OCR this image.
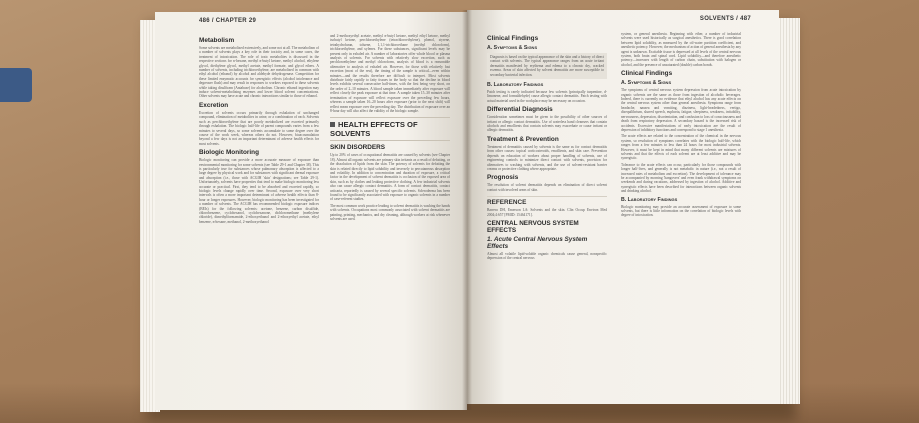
486 / CHAPTER 29
Metabolism
Some solvents are metabolized extensively, and some not at all. The metabolism of a number of solvents plays a key role in their toxicity and, in some cases, the treatment of intoxication. The role of toxic metabolites is discussed in the respective sections for n-hexane, methyl n-butyl ketone, methyl alcohol, ethylene glycol, diethylene glycol, methyl acetate, methyl formate, and glycol ethers. A number of solvents, including trichloroethylene, are metabolized in common with ethyl alcohol (ethanol) by alcohol and aldehyde dehydrogenase. Competition for these limited enzymatic accounts for synergistic effects (alcohol intolerance and degreaser flush) and may result in responses to workers exposed to these solvents while taking disulfiram (Antabuse) for alcoholism. Chronic ethanol ingestion may induce solvent-metabolizing enzymes and lower blood solvent concentrations. Other solvents may have acute and chronic interactions similar to those of ethanol.
Excretion
Excretion of solvents occurs primarily through exhalation of unchanged compound, elimination of metabolites in urine, or a combination of each. Solvents such as perchloroethylene that are poorly metabolized are excreted primarily through exhalation. The biologic half-life of parent compounds varies from a few minutes to several days, so some solvents accumulate to some degree over the course of the work week, whereas others do not. However, bioaccumulation beyond a few days is not an important determinant of adverse health effects for most solvents.
Biologic Monitoring
Biologic monitoring can provide a more accurate measure of exposure than environmental monitoring for some solvents (see Table 29-1 and Chapter 38). This is particularly true for substances whose pulmonary absorption is affected to a large degree by physical work and for substances with significant dermal exposure and absorption (i.e., those with ACGIH 'skin' designations; see Table 29-1). Unfortunately, solvents have properties that tend to make biologic monitoring less accurate or practical. First, they tend to be absorbed and excreted rapidly, so biologic levels change rapidly over time. Second, exposure over very short intervals is often a more important determinant of adverse health effects than 8-hour or longer exposures. However, biologic monitoring has been investigated for a number of solvents. The ACGIH has recommended biologic exposure indices (BEIs) for the following solvents: acetone, benzene, carbon disulfide, chlorobenzene, cyclohexanol, cyclohexanone, dichloromethane (methylene chloride), dimethylformamide, 2-ethoxyethanol and 2-ethoxyethyl acetate, ethyl benzene, n-hexane, methanol, 2-methoxyethanol
and 2-methoxyethyl acetate, methyl n-butyl ketone, methyl ethyl ketone, methyl isobutyl ketone, perchloroethylene (tetrachloroethylene), phenol, styrene, tetrahydrofuran, toluene, 1,1,1-trichloroethane (methyl chloroform), trichloroethylene, and xylenes. For these substances, significant levels may be present only in exhaled air. A number of laboratories offer whole blood or plasma analysis of solvents. For solvents with relatively slow excretion, such as perchloroethylene and methyl chloroform, analysis of blood is a reasonable alternative to analysis of exhaled air. However, for those with relatively fast excretion (most of the rest), the timing of the sample is critical—even within minutes—and the results therefore are difficult to interpret. Most solvents distribute fairly rapidly to fatty tissues in the body so that the decline in blood levels exhibits several consecutive half-times, with the first being very short, on the order of 2–10 minutes. A blood sample taken immediately after exposure will reflect closely the peak exposure at that time. A sample taken 15–30 minutes after termination of exposure will reflect exposure over the preceding few hours, whereas a sample taken 16–20 hours after exposure (prior to the next shift) will reflect mean exposure over the preceding day. The distribution of exposure over an 8-hour day will also affect the validity of the biologic sample.
HEALTH EFFECTS OF SOLVENTS
SKIN DISORDERS
Up to 20% of cases of occupational dermatitis are caused by solvents (see Chapter 18). Almost all organic solvents are primary skin irritants as a result of defatting, or the dissolution of lipids from the skin. The potency of solvents for defatting the skin is related directly to lipid solubility and inversely to percutaneous absorption and volatility. In addition to concentration and duration of exposure, a critical factor in the development of solvent dermatitis is occlusion of the exposed area of skin, such as by clothes and leaking protective clothing. A few industrial solvents also can cause allergic contact dermatitis. A form of contact dermatitis, contact urticaria, reportedly is caused by several specific solvents. Scleroderma has been found to be significantly associated with exposure to organic solvents in a number of case-referent studies.
The most common work practice leading to solvent dermatitis is washing the hands with solvents. Occupations most commonly associated with solvent dermatitis are painting, printing, mechanics, and dry cleaning, although workers at risk whenever solvents are used.
SOLVENTS / 487
Clinical Findings
A. Symptoms & Signs
Diagnosis is based on the typical appearance of the skin and a history of direct contact with solvents. The typical appearance ranges from an acute irritant dermatitis manifested by erythema and edema to a chronic dry, cracked eczema. Areas of skin affected by solvent dermatitis are more susceptible to secondary bacterial infection.
B. Laboratory Findings
Patch testing is rarely indicated because few solvents (principally turpentine, d-limonene, and formaldehyde) cause allergic contact dermatitis. Patch testing with actual material used in the workplace may be necessary on occasion.
Differential Diagnosis
Consideration sometimes must be given to the possibility of other sources of irritant or allergic contact dermatitis. Use of waterless hand cleansers that contain alcohols and emollients that contain solvents may exacerbate or cause irritant or allergic dermatitis.
Treatment & Prevention
Treatment of dermatitis caused by solvents is the same as for contact dermatitis from other causes: topical corticosteroids, emollients, and skin care. Prevention depends on education of workers about proper handling of solvents, use of engineering controls to minimize direct contact with solvents, provision for alternatives to washing with solvents, and the use of solvent-resistant barrier creams or protective clothing where appropriate.
Prognosis
The resolution of solvent dermatitis depends on elimination of direct solvent contact with involved areas of skin.
REFERENCE
Barrera DH, Emerson LA: Solvents and the skin. Clin Occup Environ Med 2004;4:657 [PMID: 15464171].
CENTRAL NERVOUS SYSTEM EFFECTS
1. Acute Central Nervous System Effects
Almost all volatile lipid-soluble organic chemicals cause general, nonspecific depression of the central nervous
system, or general anesthesia. Beginning with ether, a number of industrial solvents were used historically as surgical anesthetics. There is good correlation between lipid solubility, as measured by the oil-water partition coefficient, and anesthetic potency. However, the mechanism of action of general anesthesia by any agent is unknown. Excitable tissue is depressed at all levels of the central nervous system, both brain and spinal cord. Lipid solubility—and therefore anesthetic potency—increases with length of carbon chain, substitution with halogen or alcohol, and the presence of unsaturated (double) carbon bonds.
Clinical Findings
A. Symptoms & Signs
The symptoms of central nervous system depression from acute intoxication by organic solvents are the same as those from ingestion of alcoholic beverages. Indeed, there is currently no evidence that ethyl alcohol has any acute effects on the central nervous system other than general anesthesia. Symptoms range from headache, nausea and vomiting, dizziness, light-headedness, vertigo, disequilibrium, slurred speech, euphoria, fatigue, sleepiness, weakness, irritability, nervousness, depression, disorientation, and confusion to loss of consciousness and death from respiratory depression. A secondary hazard is the increased risk of accidents. Excessive manifestations of early intoxication are the result of depression of inhibitory functions and correspond to stage 1 anesthesia.
The acute effects are related to the concentration of the chemical in the nervous system, so resolution of symptoms correlates with the biologic half-life, which ranges from a few minutes to less than 24 hours for most industrial solvents. However, it must be kept in mind that many different solvents are mixtures of solvents and that the effects of each solvent are at least additive and may be synergistic.
Tolerance to the acute effects can occur, particularly for those compounds with longer half-lives, and generally is not metabolic in nature (i.e., not a result of increased rates of metabolism and excretion). The development of tolerance may be accompanied by morning 'hangovers' and even frank withdrawal symptoms on weekends and during vacations, addressed by ingestion of alcohol. Additive and synergistic effects have been described for interactions between organic solvents and drinking alcohol.
B. Laboratory Findings
Biologic monitoring may provide an accurate assessment of exposure to some solvents, but there is little information on the correlation of biologic levels with degree of intoxication.
